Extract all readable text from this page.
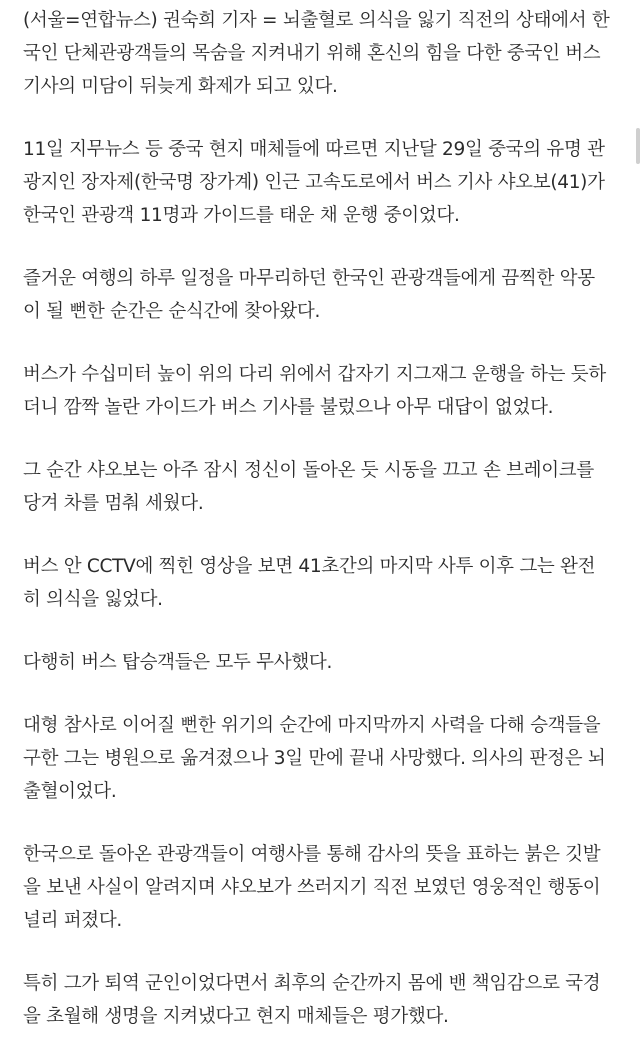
(서울=연합뉴스) 권숙희 기자 = 뇌출혈로 의식을 잃기 직전의 상태에서 한
국인 단체관광객들의 목숨을 지켜내기 위해 혼신의 힘을 다한 중국인 버스
기사의 미담이 뒤늦게 화제가 되고 있다.

11일 지무뉴스 등 중국 현지 매체들에 따르면 지난달 29일 중국의 유명 관
광지인 장자제(한국명 장가계) 인근 고속도로에서 버스 기사 샤오보(41)가
한국인 관광객 11명과 가이드를 태운 채 운행 중이었다.

즐거운 여행의 하루 일정을 마무리하던 한국인 관광객들에게 끔찍한 악몽
이 될 뻔한 순간은 순식간에 찾아왔다.

버스가 수십미터 높이 위의 다리 위에서 갑자기 지그재그 운행을 하는 듯하
더니 깜짝 놀란 가이드가 버스 기사를 불렀으나 아무 대답이 없었다.

그 순간 샤오보는 아주 잠시 정신이 돌아온 듯 시동을 끄고 손 브레이크를
당겨 차를 멈춰 세웠다.

버스 안 CCTV에 찍힌 영상을 보면 41초간의 마지막 사투 이후 그는 완전
히 의식을 잃었다.

다행히 버스 탑승객들은 모두 무사했다.

대형 참사로 이어질 뻔한 위기의 순간에 마지막까지 사력을 다해 승객들을
구한 그는 병원으로 옮겨졌으나 3일 만에 끝내 사망했다. 의사의 판정은 뇌
출혈이었다.

한국으로 돌아온 관광객들이 여행사를 통해 감사의 뜻을 표하는 붉은 깃발
을 보낸 사실이 알려지며 샤오보가 쓰러지기 직전 보였던 영웅적인 행동이
널리 퍼졌다.

특히 그가 퇴역 군인이었다면서 최후의 순간까지 몸에 밴 책임감으로 국경
을 초월해 생명을 지켜냈다고 현지 매체들은 평가했다.
